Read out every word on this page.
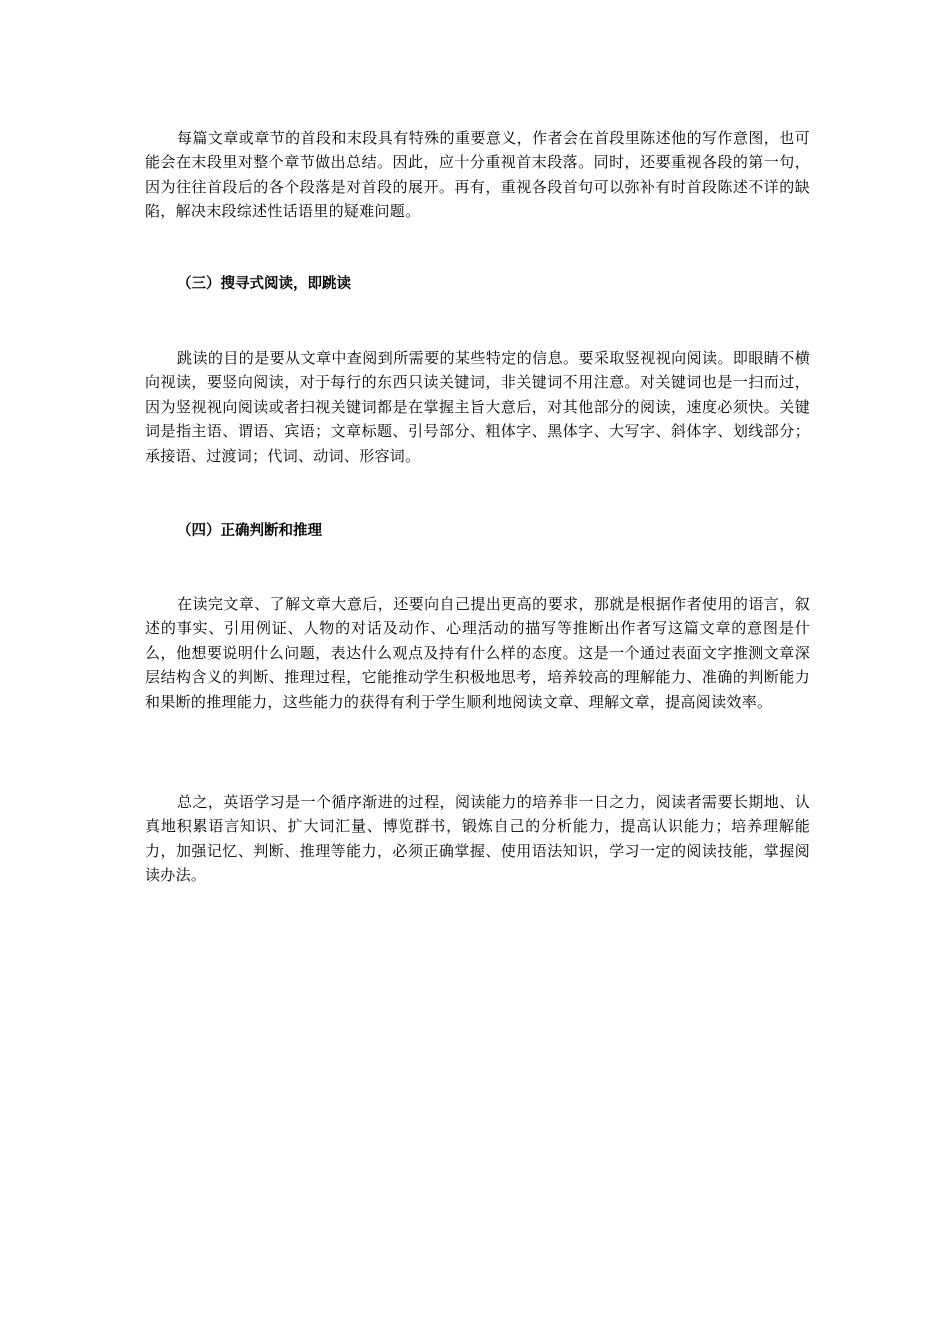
每篇文章或章节的首段和末段具有特殊的重要意义，作者会在首段里陈述他的写作意图，也可能会在末段里对整个章节做出总结。因此，应十分重视首末段落。同时，还要重视各段的第一句，因为往往首段后的各个段落是对首段的展开。再有，重视各段首句可以弥补有时首段陈述不详的缺陷，解决末段综述性话语里的疑难问题。

（三）搜寻式阅读，即跳读

跳读的目的是要从文章中查阅到所需要的某些特定的信息。要采取竖视视向阅读。即眼睛不横向视读，要竖向阅读，对于每行的东西只读关键词，非关键词不用注意。对关键词也是一扫而过，因为竖视视向阅读或者扫视关键词都是在掌握主旨大意后，对其他部分的阅读，速度必须快。关键词是指主语、谓语、宾语；文章标题、引号部分、粗体字、黑体字、大写字、斜体字、划线部分；承接语、过渡词；代词、动词、形容词。

（四）正确判断和推理

在读完文章、了解文章大意后，还要向自己提出更高的要求，那就是根据作者使用的语言，叙述的事实、引用例证、人物的对话及动作、心理活动的描写等推断出作者写这篇文章的意图是什么，他想要说明什么问题，表达什么观点及持有什么样的态度。这是一个通过表面文字推测文章深层结构含义的判断、推理过程，它能推动学生积极地思考，培养较高的理解能力、准确的判断能力和果断的推理能力，这些能力的获得有利于学生顺利地阅读文章、理解文章，提高阅读效率。

总之，英语学习是一个循序渐进的过程，阅读能力的培养非一日之力，阅读者需要长期地、认真地积累语言知识、扩大词汇量、博览群书，锻炼自己的分析能力，提高认识能力；培养理解能力，加强记忆、判断、推理等能力，必须正确掌握、使用语法知识，学习一定的阅读技能，掌握阅读办法。
